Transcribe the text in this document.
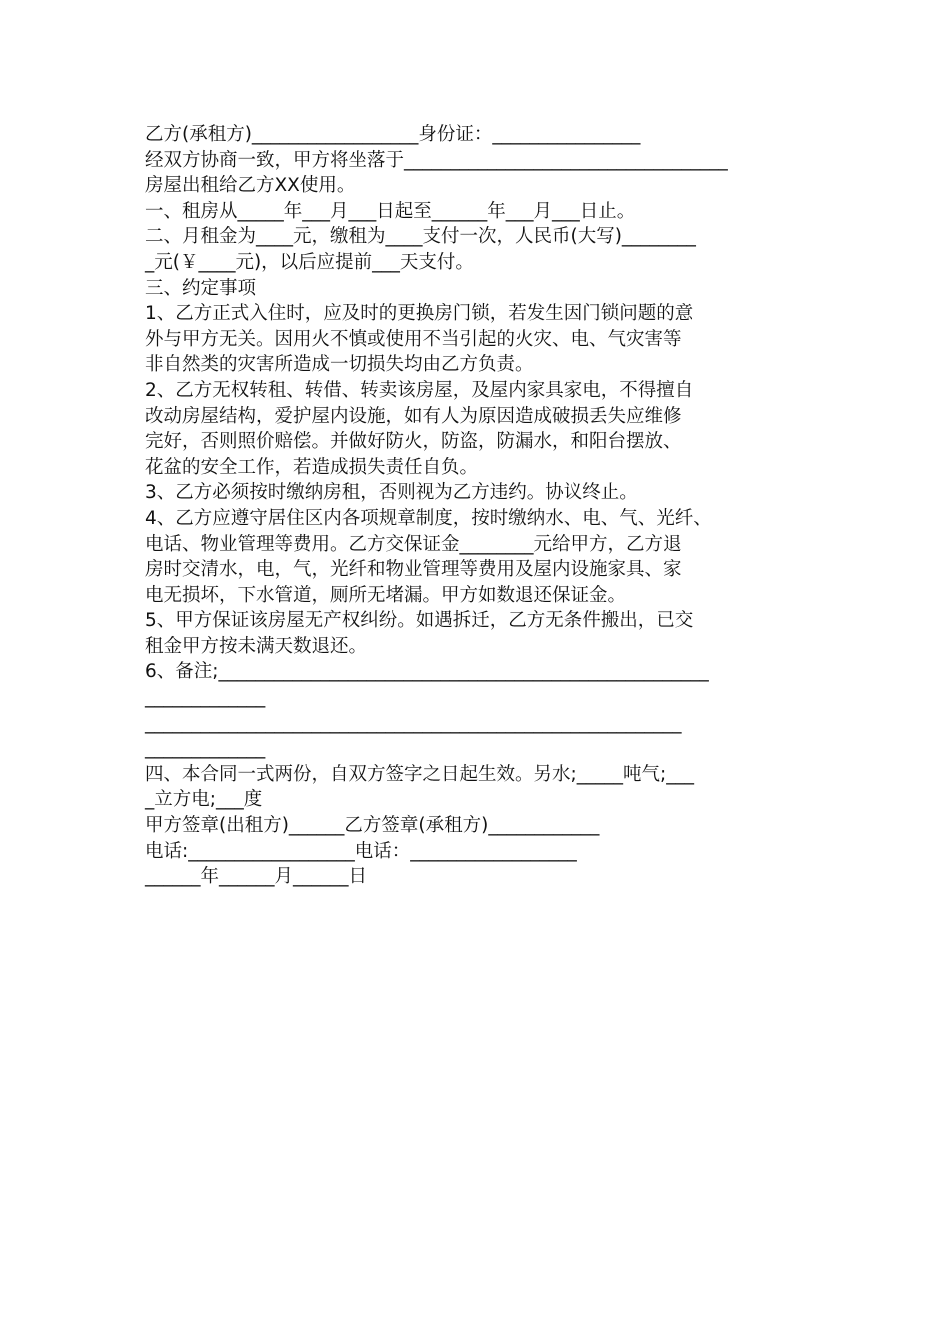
乙方(承租方)__________________身份证：________________
经双方协商一致，甲方将坐落于___________________________________
房屋出租给乙方XX使用。
一、租房从_____年___月___日起至______年___月___日止。
二、月租金为____元，缴租为____支付一次，人民币(大写)________
_元(￥____元)，以后应提前___天支付。
三、约定事项
1、乙方正式入住时，应及时的更换房门锁，若发生因门锁问题的意
外与甲方无关。因用火不慎或使用不当引起的火灾、电、气灾害等
非自然类的灾害所造成一切损失均由乙方负责。
2、乙方无权转租、转借、转卖该房屋，及屋内家具家电，不得擅自
改动房屋结构，爱护屋内设施，如有人为原因造成破损丢失应维修
完好，否则照价赔偿。并做好防火，防盗，防漏水，和阳台摆放、
花盆的安全工作，若造成损失责任自负。
3、乙方必须按时缴纳房租，否则视为乙方违约。协议终止。
4、乙方应遵守居住区内各项规章制度，按时缴纳水、电、气、光纤、
电话、物业管理等费用。乙方交保证金________元给甲方，乙方退
房时交清水，电，气，光纤和物业管理等费用及屋内设施家具、家
电无损坏，下水管道，厕所无堵漏。甲方如数退还保证金。
5、甲方保证该房屋无产权纠纷。如遇拆迁，乙方无条件搬出，已交
租金甲方按未满天数退还。
6、备注;_____________________________________________________
_____________
__________________________________________________________
_____________
四、本合同一式两份，自双方签字之日起生效。另水;_____吨气;___
_立方电;___度
甲方签章(出租方)______乙方签章(承租方)____________
电话:__________________电话：__________________
______年______月______日
